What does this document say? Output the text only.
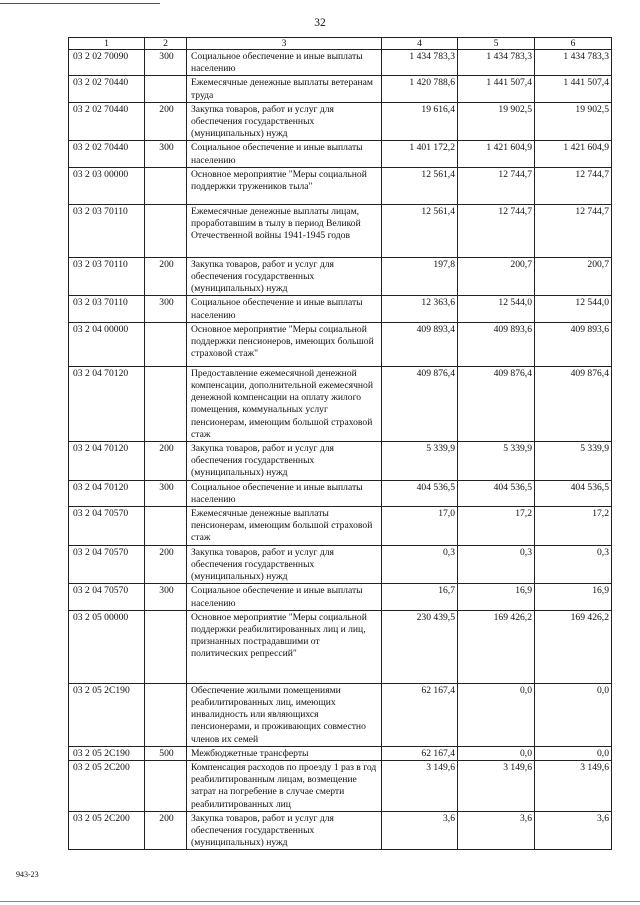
32
1	2	3	4	5	6
03 2 02 70090	300	Социальное обеспечение и иные выплаты населению	1 434 783,3	1 434 783,3	1 434 783,3
03 2 02 70440		Ежемесячные денежные выплаты ветеранам труда	1 420 788,6	1 441 507,4	1 441 507,4
03 2 02 70440	200	Закупка товаров, работ и услуг для обеспечения государственных (муниципальных) нужд	19 616,4	19 902,5	19 902,5
03 2 02 70440	300	Социальное обеспечение и иные выплаты населению	1 401 172,2	1 421 604,9	1 421 604,9
03 2 03 00000		Основное мероприятие "Меры социальной поддержки тружеников тыла"	12 561,4	12 744,7	12 744,7
03 2 03 70110		Ежемесячные денежные выплаты лицам, проработавшим в тылу в период Великой Отечественной войны 1941-1945 годов	12 561,4	12 744,7	12 744,7
03 2 03 70110	200	Закупка товаров, работ и услуг для обеспечения государственных (муниципальных) нужд	197,8	200,7	200,7
03 2 03 70110	300	Социальное обеспечение и иные выплаты населению	12 363,6	12 544,0	12 544,0
03 2 04 00000		Основное мероприятие "Меры социальной поддержки пенсионеров, имеющих большой страховой стаж"	409 893,4	409 893,6	409 893,6
03 2 04 70120		Предоставление ежемесячной денежной компенсации, дополнительной ежемесячной денежной компенсации на оплату жилого помещения, коммунальных услуг пенсионерам, имеющим большой страховой стаж	409 876,4	409 876,4	409 876,4
03 2 04 70120	200	Закупка товаров, работ и услуг для обеспечения государственных (муниципальных) нужд	5 339,9	5 339,9	5 339,9
03 2 04 70120	300	Социальное обеспечение и иные выплаты населению	404 536,5	404 536,5	404 536,5
03 2 04 70570		Ежемесячные денежные выплаты пенсионерам, имеющим большой страховой стаж	17,0	17,2	17,2
03 2 04 70570	200	Закупка товаров, работ и услуг для обеспечения государственных (муниципальных) нужд	0,3	0,3	0,3
03 2 04 70570	300	Социальное обеспечение и иные выплаты населению	16,7	16,9	16,9
03 2 05 00000		Основное мероприятие "Меры социальной поддержки реабилитированных лиц и лиц, признанных пострадавшими от политических репрессий"	230 439,5	169 426,2	169 426,2
03 2 05 2C190		Обеспечение жилыми помещениями реабилитированных лиц, имеющих инвалидность или являющихся пенсионерами, и проживающих совместно членов их семей	62 167,4	0,0	0,0
03 2 05 2C190	500	Межбюджетные трансферты	62 167,4	0,0	0,0
03 2 05 2C200		Компенсация расходов по проезду 1 раз в год реабилитированным лицам, возмещение затрат на погребение в случае смерти реабилитированных лиц	3 149,6	3 149,6	3 149,6
03 2 05 2C200	200	Закупка товаров, работ и услуг для обеспечения государственных (муниципальных) нужд	3,6	3,6	3,6
943-23
